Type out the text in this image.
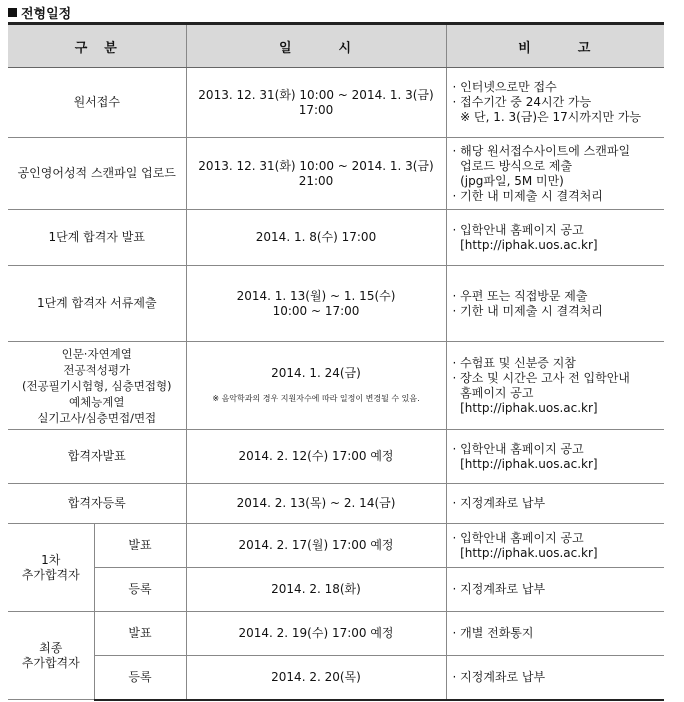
전형일정
구　분		일　　　시	비　　　고
원서접수		2013. 12. 31(화) 10:00 ~ 2014. 1. 3(금) 17:00	· 인터넷으로만 접수
· 접수기간 중 24시간 가능
※ 단, 1. 3(금)은 17시까지만 가능

공인영어성적 스캔파일 업로드		2013. 12. 31(화) 10:00 ~ 2014. 1. 3(금) 21:00	· 해당 원서접수사이트에 스캔파일
업로드 방식으로 제출
(jpg파일, 5M 미만)
· 기한 내 미제출 시 결격처리

1단계 합격자 발표		2014. 1. 8(수) 17:00	· 입학안내 홈페이지 공고
[http://iphak.uos.ac.kr]

1단계 합격자 서류제출		2014. 1. 13(월) ~ 1. 15(수)
10:00 ~ 17:00	· 우편 또는 직접방문 제출
· 기한 내 미제출 시 결격처리

인문·자연계열
전공적성평가
(전공필기시험형, 심층면접형)
예체능계열
실기고사/심층면접/면접		2014. 1. 24(금)
※ 음악학과의 경우 지원자수에 따라 일정이 변경될 수 있음.	· 수험표 및 신분증 지참
· 장소 및 시간은 고사 전 입학안내
홈페이지 공고
[http://iphak.uos.ac.kr]

합격자발표		2014. 2. 12(수) 17:00 예정	· 입학안내 홈페이지 공고
[http://iphak.uos.ac.kr]

합격자등록		2014. 2. 13(목) ~ 2. 14(금)	· 지정계좌로 납부

1차
추가합격자	발표	2014. 2. 17(월) 17:00 예정	· 입학안내 홈페이지 공고
[http://iphak.uos.ac.kr]

	등록	2014. 2. 18(화)	· 지정계좌로 납부

최종
추가합격자	발표	2014. 2. 19(수) 17:00 예정	· 개별 전화통지

	등록	2014. 2. 20(목)	· 지정계좌로 납부
